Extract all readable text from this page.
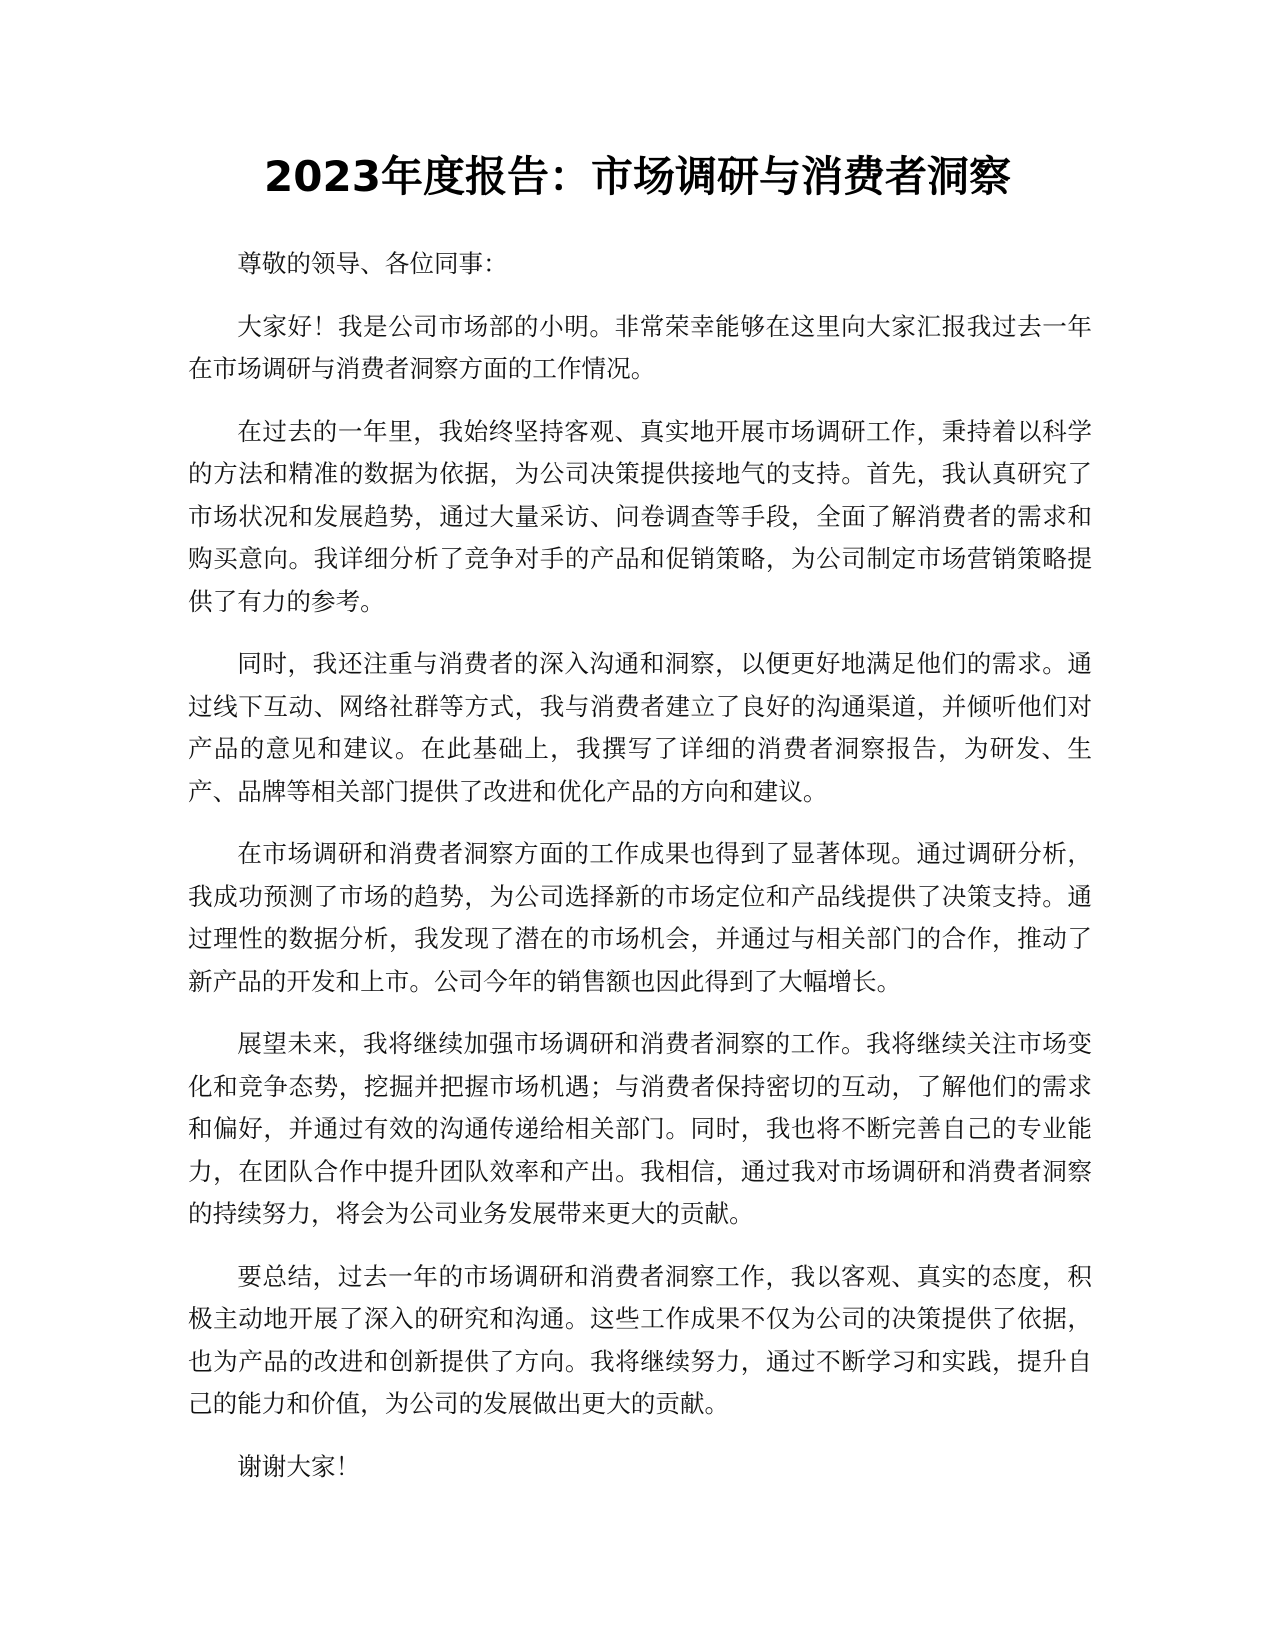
2023年度报告：市场调研与消费者洞察

尊敬的领导、各位同事：

大家好！我是公司市场部的小明。非常荣幸能够在这里向大家汇报我过去一年在市场调研与消费者洞察方面的工作情况。

在过去的一年里，我始终坚持客观、真实地开展市场调研工作，秉持着以科学的方法和精准的数据为依据，为公司决策提供接地气的支持。首先，我认真研究了市场状况和发展趋势，通过大量采访、问卷调查等手段，全面了解消费者的需求和购买意向。我详细分析了竞争对手的产品和促销策略，为公司制定市场营销策略提供了有力的参考。

同时，我还注重与消费者的深入沟通和洞察，以便更好地满足他们的需求。通过线下互动、网络社群等方式，我与消费者建立了良好的沟通渠道，并倾听他们对产品的意见和建议。在此基础上，我撰写了详细的消费者洞察报告，为研发、生产、品牌等相关部门提供了改进和优化产品的方向和建议。

在市场调研和消费者洞察方面的工作成果也得到了显著体现。通过调研分析，我成功预测了市场的趋势，为公司选择新的市场定位和产品线提供了决策支持。通过理性的数据分析，我发现了潜在的市场机会，并通过与相关部门的合作，推动了新产品的开发和上市。公司今年的销售额也因此得到了大幅增长。

展望未来，我将继续加强市场调研和消费者洞察的工作。我将继续关注市场变化和竞争态势，挖掘并把握市场机遇；与消费者保持密切的互动，了解他们的需求和偏好，并通过有效的沟通传递给相关部门。同时，我也将不断完善自己的专业能力，在团队合作中提升团队效率和产出。我相信，通过我对市场调研和消费者洞察的持续努力，将会为公司业务发展带来更大的贡献。

要总结，过去一年的市场调研和消费者洞察工作，我以客观、真实的态度，积极主动地开展了深入的研究和沟通。这些工作成果不仅为公司的决策提供了依据，也为产品的改进和创新提供了方向。我将继续努力，通过不断学习和实践，提升自己的能力和价值，为公司的发展做出更大的贡献。

谢谢大家！
